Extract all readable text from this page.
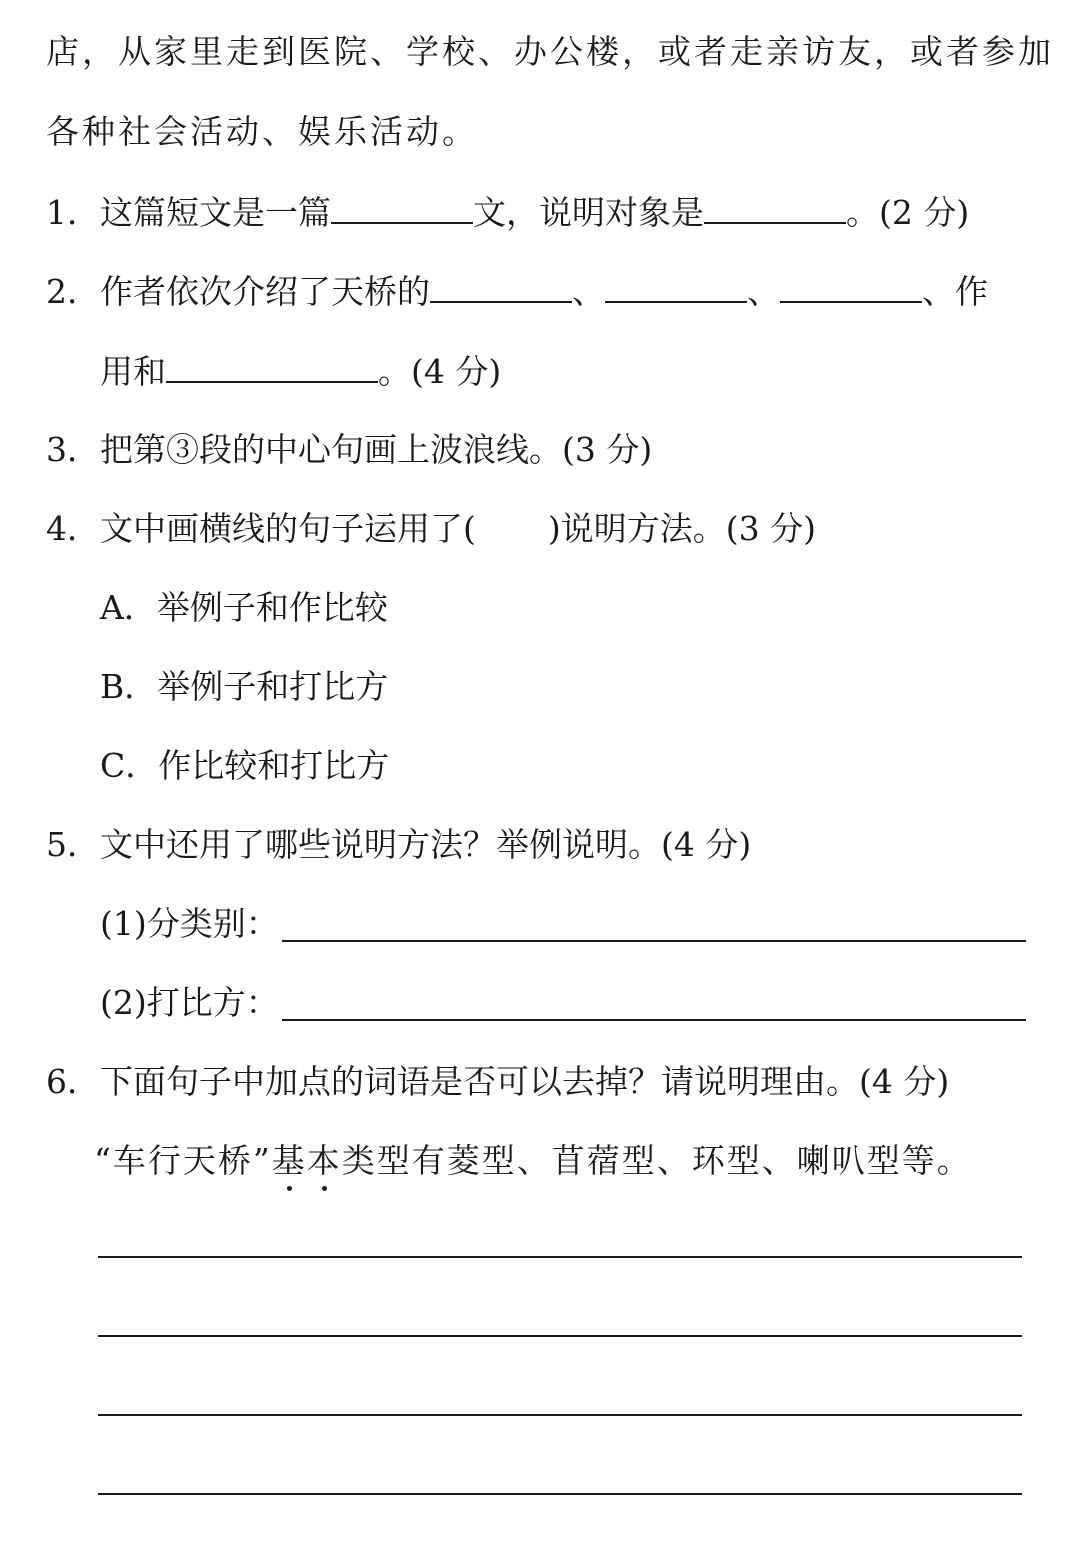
店，从家里走到医院、学校、办公楼，或者走亲访友，或者参加
各种社会活动、娱乐活动。
1．这篇短文是一篇	文，说明对象是	。(2 分)
2．作者依次介绍了天桥的	、	、	、作
用和	。(4 分)
3．把第③段的中心句画上波浪线。(3 分)
4．文中画横线的句子运用了( )说明方法。(3 分)
A．举例子和作比较
B．举例子和打比方
C．作比较和打比方
5．文中还用了哪些说明方法？举例说明。(4 分)
(1)分类别：
(2)打比方：
6．下面句子中加点的词语是否可以去掉？请说明理由。(4 分)
“车行天桥”基本类型有菱型、苜蓿型、环型、喇叭型等。
